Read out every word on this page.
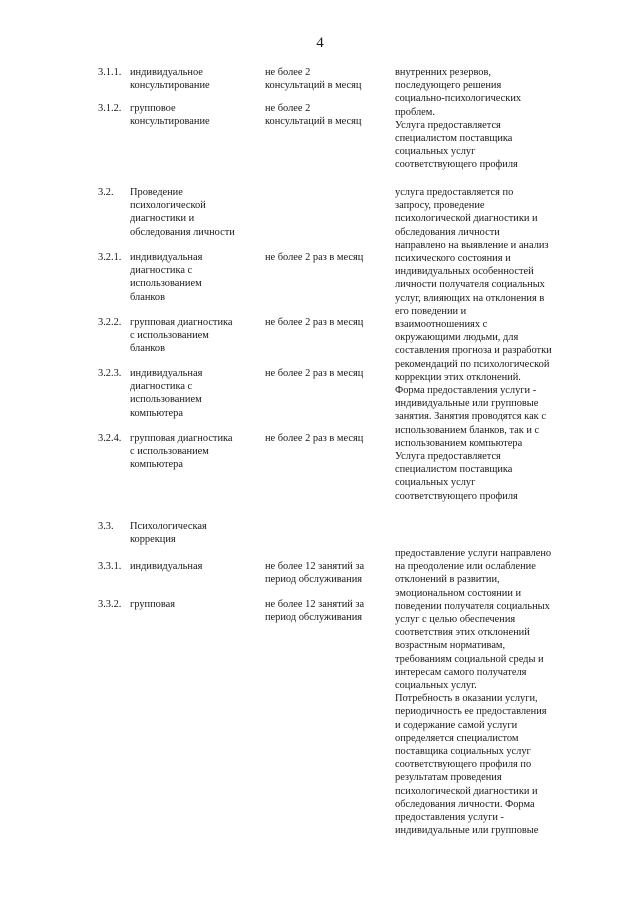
4
3.1.1. индивидуальное
консультирование
не более 2
консультаций в месяц
3.1.2. групповое
консультирование
не более 2
консультаций в месяц
3.2. Проведение
психологической
диагностики и
обследования личности
3.2.1. индивидуальная
диагностика с
использованием
бланков
не более 2 раз в месяц
3.2.2. групповая диагностика
с использованием
бланков
не более 2 раз в месяц
3.2.3. индивидуальная
диагностика с
использованием
компьютера
не более 2 раз в месяц
3.2.4. групповая диагностика
с использованием
компьютера
не более 2 раз в месяц
3.3. Психологическая
коррекция
3.3.1. индивидуальная	не более 12 занятий за
период обслуживания
3.3.2. групповая	не более 12 занятий за
период обслуживания
внутренних резервов,
последующего решения
социально-психологических
проблем.
Услуга предоставляется
специалистом поставщика
социальных услуг
соответствующего профиля
услуга предоставляется по
запросу, проведение
психологической диагностики и
обследования личности
направлено на выявление и анализ
психического состояния и
индивидуальных особенностей
личности получателя социальных
услуг, влияющих на отклонения в
его поведении и
взаимоотношениях с
окружающими людьми, для
составления прогноза и разработки
рекомендаций по психологической
коррекции этих отклонений.
Форма предоставления услуги -
индивидуальные или групповые
занятия. Занятия проводятся как с
использованием бланков, так и с
использованием компьютера
Услуга предоставляется
специалистом поставщика
социальных услуг
соответствующего профиля
предоставление услуги направлено
на преодоление или ослабление
отклонений в развитии,
эмоциональном состоянии и
поведении получателя социальных
услуг с целью обеспечения
соответствия этих отклонений
возрастным нормативам,
требованиям социальной среды и
интересам самого получателя
социальных услуг.
Потребность в оказании услуги,
периодичность ее предоставления
и содержание самой услуги
определяется специалистом
поставщика социальных услуг
соответствующего профиля по
результатам проведения
психологической диагностики и
обследования личности. Форма
предоставления услуги -
индивидуальные или групповые
